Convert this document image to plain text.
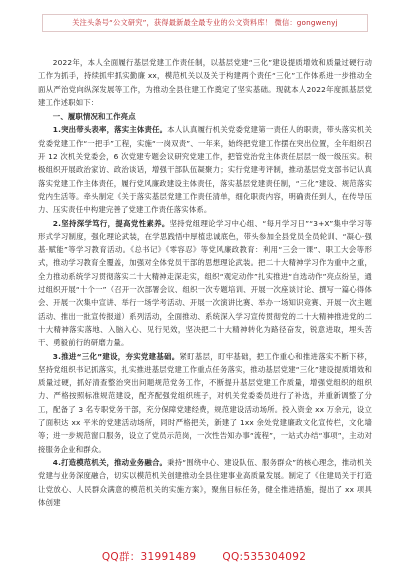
关注头条号“公文研究”，获得最新最全最专业的公文资料库！ 微信：gongwenyj

2022年，本人全面履行基层党建工作责任制，以基层党建“三化”建设提质增效和质量过硬行动工作为抓手，持续抓牢抓实勤廉 xx，模范机关以及关于构建两个责任“三化”工作体系进一步推动全面从严治党向纵深发展等工作，为推动全县住建工作奠定了坚实基础。现就本人2022年度抓基层党建工作述职如下：

一、履职情况和工作亮点

1.突出带头表率，落实主体责任。本人认真履行机关党委党建第一责任人的职责，带头落实机关党委党建工作“一把手”工程，实施“一岗双责”、一年来，始终把党建工作摆在突出位置，全年组织召开 12 次机关党委会，6 次党建专题会议研究党建工作，把管党治党主体责任层层一级一级压实。积极组织开展政治家访、政治谈话，增强干部队伍凝聚力；实行党建考评制，推动基层党支部书记认真落实党建工作主体责任，履行党风廉政建设主体责任，落实基层党建责任制，“三化”建设、规范落实党内生活等。牵头制定《关于落实基层党建工作责任清单，细化职责内容，明确责任到人，在传导压力、压实责任中构建完善了党建工作责任落实体系。

2.坚持深学笃行，提高党性素养。坚持党组理论学习中心组、“每月学习日”“3+X”集中学习等形式学习制度，强化理论武装，在学思践悟中厚植忠诚底色，带头参加全县党员全员轮训、“凝心·强基·赋能”等学习教育活动。《总书记》《零容忍》等党风廉政教育：利用“三会一课”、职工大会等形式，推动学习教育全覆盖，加强对全体党员干部的思想理论武装。把二十大精神学习作为重中之重，全力推动系统学习贯彻落实二十大精神走深走实，组织“观定动作”扎实推进“自选动作”亮点纷呈，通过组织开展“十个一”（召开一次部署会议、组织一次专题培训、开展一次座谈讨论、撰写一篇心得体会、开展一次集中宣讲、举行一场学考活动、开展一次演讲比赛、举办一场知识竞赛、开展一次主题活动、推出一批宣传报道）系列活动，全面推动、系统深入学习宣传贯彻党的二十大精神推进党的二十大精神落实落地、入脑入心、见行见效，坚决把二十大精神转化为路径奋发，锐意进取，埋头苦干、勇毅前行的研磨力量。

3.推进“三化”建设，夯实党建基础。紧盯基层，盯牢基础，把工作重心和推进落实不断下移，坚持党组织书记抓落实，扎实推进基层党建工作重点任务落实，推动基层党建“三化”建设提质增效和质量过硬，抓好清查整治突出问题规范党务工作，不断提升基层党建工作质量，增强党组织的组织力、严格按照标准规范建设，配齐配强党组织班子，对机关党委委员进行了补选，并重新调整了分工，配备了 3 名专职党务干部，充分保障党建经费，规范建设活动场所。投入资金 xx 万余元，设立了面积达 xx 平米的党建活动场所，同时严格把关，新建了 1xx 余处党建廉政文化宣传栏，文化墙等；进一步规范窗口服务，设立了党员示范岗，一次性告知办事“流程”，一站式办结“事项”，主动对接服务企业和群众。

4.打造模范机关，推动业务融合。秉持“围绕中心、建设队伍、服务群众”的核心理念，推动机关党建与业务深度融合，切实以模范机关创建推动全县住建事业高质量发展。制定了《住建局关于打造让党放心、人民群众满意的模范机关的实施方案》，聚焦目标任务，健全推进措施，提出了 xx 项具体创建

QQ群：31991489 QQ:535304092
